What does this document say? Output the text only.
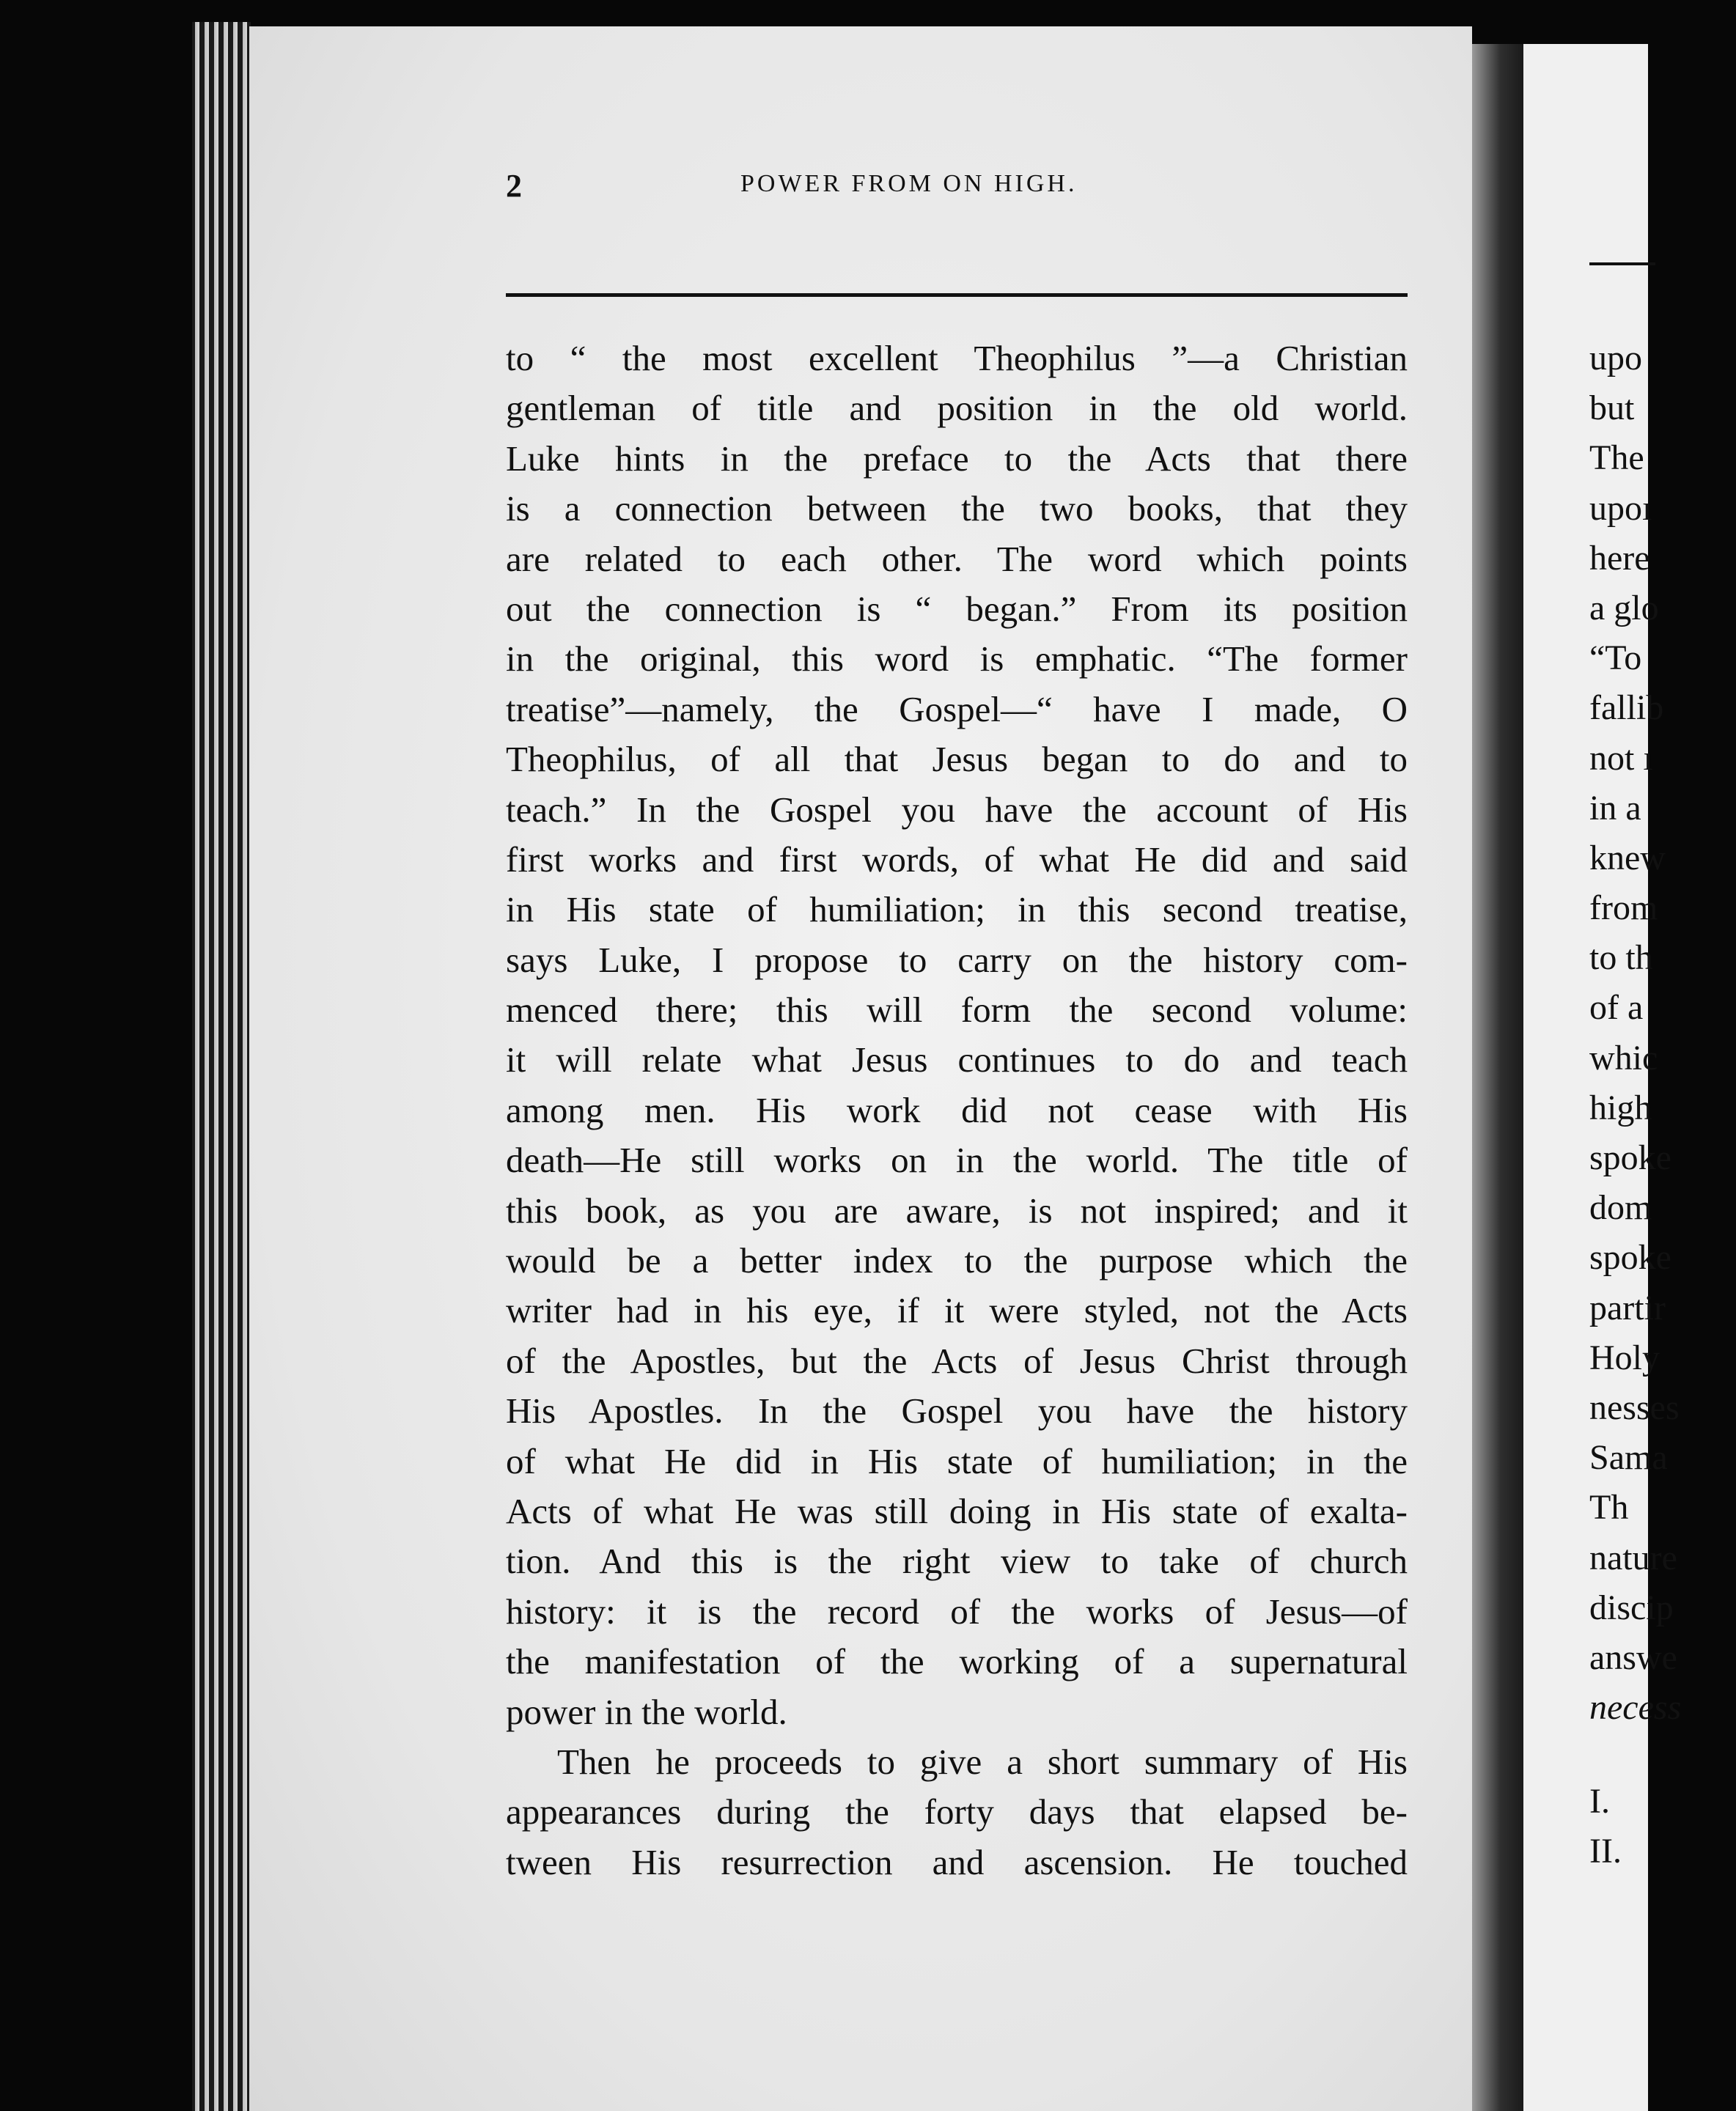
2	POWER FROM ON HIGH.
to “ the most excellent Theophilus ”—a Christian
gentleman of title and position in the old world.
Luke hints in the preface to the Acts that there
is a connection between the two books, that they
are related to each other. The word which points
out the connection is “ began.” From its position
in the original, this word is emphatic. “The former
treatise”—namely, the Gospel—“ have I made, O
Theophilus, of all that Jesus began to do and to
teach.” In the Gospel you have the account of His
first works and first words, of what He did and said
in His state of humiliation; in this second treatise,
says Luke, I propose to carry on the history com-
menced there; this will form the second volume:
it will relate what Jesus continues to do and teach
among men. His work did not cease with His
death—He still works on in the world. The title of
this book, as you are aware, is not inspired; and it
would be a better index to the purpose which the
writer had in his eye, if it were styled, not the Acts
of the Apostles, but the Acts of Jesus Christ through
His Apostles. In the Gospel you have the history
of what He did in His state of humiliation; in the
Acts of what He was still doing in His state of exalta-
tion. And this is the right view to take of church
history: it is the record of the works of Jesus—of
the manifestation of the working of a supernatural
power in the world.
Then he proceeds to give a short summary of His
appearances during the forty days that elapsed be-
tween His resurrection and ascension. He touched
upo
but
The
upoı
here
a glo
“To
fallib
not ı
in a
knew
from
to th
of a
whic
high
spoke
dom
spoke
partir
Holy
nesses
Sama
Th
nature
discip
answe
necess
I.
II.
